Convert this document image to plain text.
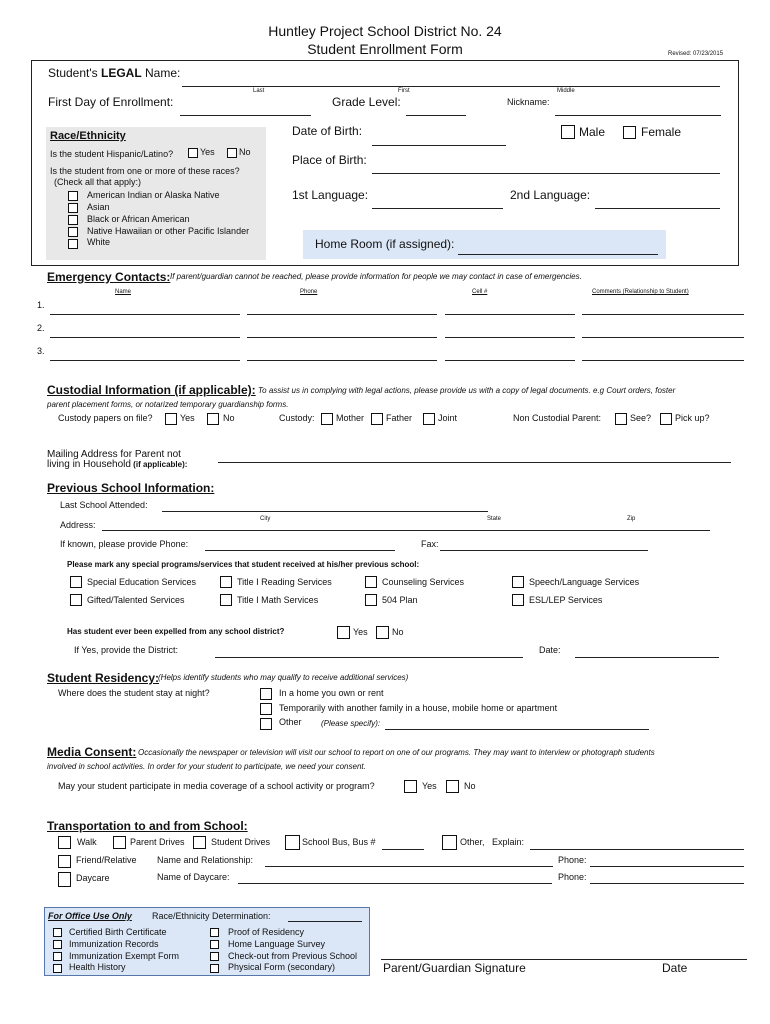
Huntley Project School District No. 24
Student Enrollment Form	Revised: 07/23/2015
Student's LEGAL Name:
Last	First	Middle
First Day of Enrollment:	Grade Level:	Nickname:
Race/Ethnicity
Is the student Hispanic/Latino?	Yes	No
Is the student from one or more of these races?
(Check all that apply:)
American Indian or Alaska Native
Asian
Black or African American
Native Hawaiian or other Pacific Islander
White
Date of Birth:	Male	Female
Place of Birth:
1st Language:	2nd Language:
Home Room (if assigned):
Emergency Contacts: If parent/guardian cannot be reached, please provide information for people we may contact in case of emergencies.
Name	Phone	Cell #	Comments (Relationship to Student)
1.
2.
3.
Custodial Information (if applicable): To assist us in complying with legal actions, please provide us with a copy of legal documents. e.g Court orders, foster
parent placement forms, or notarized temporary guardianship forms.
Custody papers on file?	Yes	No	Custody: Mother Father	Joint	Non Custodial Parent:	See?	Pick up?
Mailing Address for Parent not
living in Household (if applicable):
Previous School Information:
Last School Attended:
City	State	Zip
Address:
If known, please provide Phone:	Fax:
Please mark any special programs/services that student received at his/her previous school:
Special Education Services	Title I Reading Services	Counseling Services	Speech/Language Services
Gifted/Talented Services	Title I Math Services	504 Plan	ESL/LEP Services
Has student ever been expelled from any school district?	Yes	No
If Yes, provide the District:	Date:
Student Residency:
(Helps identify students who may qualify to receive additional services)
Where does the student stay at night?	In a home you own or rent
Temporarily with another family in a house, mobile home or apartment
Other (Please specify):
Media Consent: Occasionally the newspaper or television will visit our school to report on one of our programs. They may want to interview or photograph students
involved in school activities. In order for your student to participate, we need your consent.
May your student participate in media coverage of a school activity or program?	Yes	No
Transportation to and from School:
Walk	Parent Drives	Student Drives	School Bus, Bus #	Other, Explain:
Friend/Relative Name and Relationship:	Phone:
Daycare	Name of Daycare:	Phone:
For Office Use Only Race/Ethnicity Determination:
Certified Birth Certificate
Immunization Records
Immunization Exempt Form
Health History
Proof of Residency
Home Language Survey
Check-out from Previous School
Physical Form (secondary)	Parent/Guardian Signature	Date
